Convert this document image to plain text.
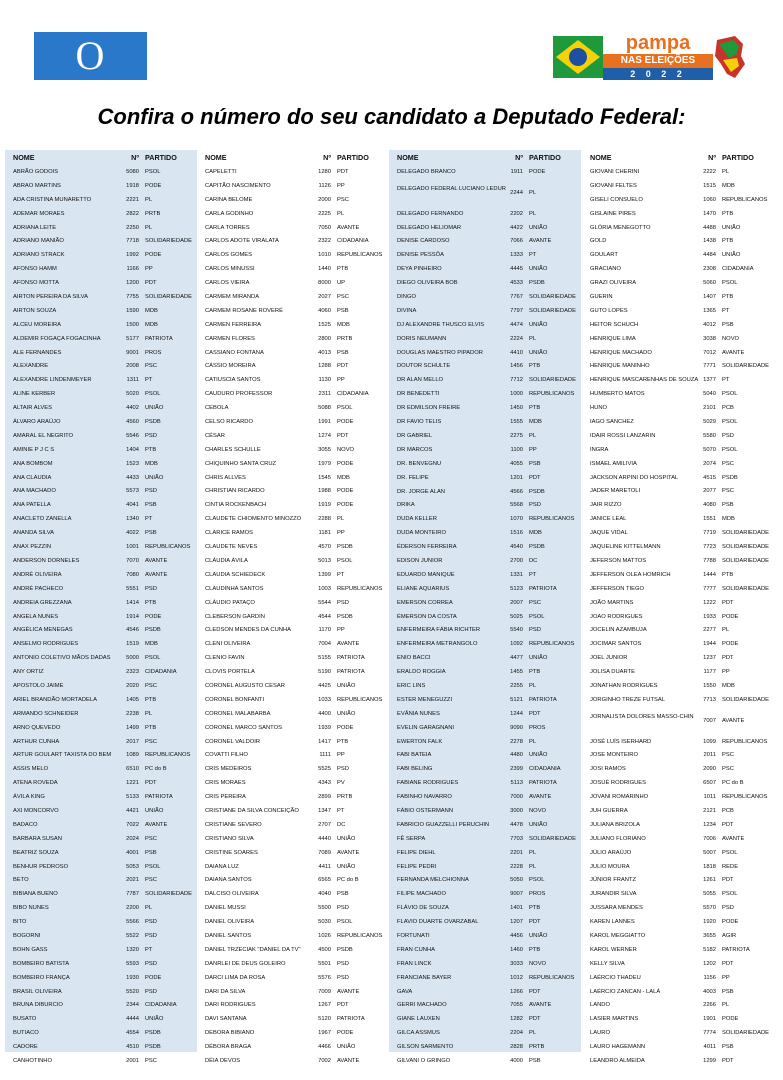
O SUL
pampa
NAS ELEIÇÕES
2 0 2 2
Confira o número do seu candidato a Deputado Federal:
NOME	Nº PARTIDO
ABRÃO GODOIS	5080 PSOL
ABRAO MARTINS	1918 PODE
ADA CRISTINA MUNARETTO	2221 PL
ADEMAR MORAES	2822 PRTB
ADRIANA LEITE	2250 PL
ADRIANO MANIÃO	7718 SOLIDARIEDADE
ADRIANO STRACK	1992 PODE
AFONSO HAMM	1166 PP
AFONSO MOTTA	1200 PDT
AIRTON PEREIRA DA SILVA	7755 SOLIDARIEDADE
AIRTON SOUZA	1590 MDB
ALCEU MOREIRA	1500 MDB
ALDEMIR FOGAÇA FOGACINHA	5177 PATRIOTA
ALE FERNANDES	9001 PROS
ALEXANDRE	2008 PSC
ALEXANDRE LINDENMEYER	1311 PT
ALINE KERBER	5020 PSOL
ALTAIR ALVES	4402 UNIÃO
ÁLVARO ARAÚJO	4560 PSDB
AMARAL EL NEGRITO	5546 PSD
AMINIE P J C S	1404 PTB
ANA BOMBOM	1523 MDB
ANA CLAUDIA	4433 UNIÃO
ANA MACHADO	5573 PSD
ANA PATELLA	4041 PSB
ANACLETO ZANELLA	1340 PT
ANANDA SILVA	4022 PSB
ANAX PEZZIN	1001 REPUBLICANOS
ANDERSON DORNELES	7070 AVANTE
ANDRÉ OLIVEIRA	7080 AVANTE
ANDRÉ PACHECO	5551 PSD
ANDREIA GREZZANA	1414 PTB
ANGELA NUNES	1914 PODE
ANGÉLICA MENEGAS	4546 PSDB
ANSELMO RODRIGUES	1519 MDB
ANTONIO COLETIVO MÃOS DADAS	5000 PSOL
ANY ORTIZ	2323 CIDADANIA
APOSTOLO JAIME	2020 PSC
ARIEL BRANDÃO MORTADELA	1405 PTB
ARMANDO SCHNEIDER	2238 PL
ARNO QUEVEDO	1499 PTB
ARTHUR CUNHA	2017 PSC
ARTUR GOULART TAXISTA DO BEM	1089 REPUBLICANOS
ASSIS MELO	6510 PC do B
ATENA ROVEDA	1221 PDT
ÁVILA KING	5133 PATRIOTA
AXI MONCORVO	4421 UNIÃO
BADACO	7022 AVANTE
BARBARA SUSAN	2024 PSC
BEATRIZ SOUZA	4001 PSB
BENHUR PEDROSO	5053 PSOL
BETO	2021 PSC
BIBIANA BUENO	7787 SOLIDARIEDADE
BIBO NUNES	2200 PL
BITO	5566 PSD
BOGORNI	5522 PSD
BOHN GASS	1320 PT
BOMBEIRO BATISTA	5593 PSD
BOMBEIRO FRANÇA	1930 PODE
BRASIL OLIVEIRA	5520 PSD
BRUNA DIBURCIO	2344 CIDADANIA
BUSATO	4444 UNIÃO
BUTIACO	4554 PSDB
CADORE	4510 PSDB
CANHOTINHO	2001 PSC
NOME	Nº PARTIDO
CAPELETTI	1280 PDT
CAPITÃO NASCIMENTO	1126 PP
CARINA BELOME	2000 PSC
CARLA GODINHO	2225 PL
CARLA TORRES	7050 AVANTE
CARLOS ADOTE VIRALATA	2322 CIDADANIA
CARLOS GOMES	1010 REPUBLICANOS
CARLOS MINUSSI	1440 PTB
CARLOS VIEIRA	8000 UP
CARMEM MIRANDA	2027 PSC
CARMEM ROSANE ROVERÉ	4060 PSB
CARMEN FERREIRA	1525 MDB
CARMEN FLORES	2800 PRTB
CASSIANO FONTANA	4013 PSB
CÁSSIO MOREIRA	1288 PDT
CATIUSCIA SANTOS	1130 PP
CAUDURO PROFESSOR	2311 CIDADANIA
CEBOLA	5088 PSOL
CELSO RICARDO	1991 PODE
CÉSAR	1274 PDT
CHARLES SCHULLE	3055 NOVO
CHIQUINHO SANTA CRUZ	1979 PODE
CHRIS ALLVES	1545 MDB
CHRISTIAN RICARDO	1988 PODE
CINTIA ROCKENBACH	1919 PODE
CLAUDETE CHIOMENTO MINOZZO	2288 PL
CLARICE RAMOS	1181 PP
CLAUDETE NEVES	4570 PSDB
CLÁUDIA ÁVILA	5013 PSOL
CLAUDIA SCHIEDECK	1399 PT
CLAUDINHA SANTOS	1003 REPUBLICANOS
CLÁUDIO PATAÇO	5544 PSD
CLEBERSON GARDIN	4544 PSDB
CLEDSON MENDES DA CUNHA	1170 PP
CLENI OLIVEIRA	7004 AVANTE
CLENIO FAVIN	5155 PATRIOTA
CLOVIS PORTELA	5190 PATRIOTA
CORONEL AUGUSTO CESAR	4425 UNIÃO
CORONEL BONFANTI	1033 REPUBLICANOS
CORONEL MALABARBA	4400 UNIÃO
CORONEL MARCO SANTOS	1939 PODE
CORONEL VALDOIR	1417 PTB
COVATTI FILHO	1111 PP
CRIS MEDEIROS	5525 PSD
CRIS MORAES	4343 PV
CRIS PEREIRA	2899 PRTB
CRISTIANE DA SILVA CONCEIÇÃO	1347 PT
CRISTIANE SEVERO	2707 DC
CRISTIANO SILVA	4440 UNIÃO
CRISTINE SOARES	7089 AVANTE
DAIANA LUZ	4411 UNIÃO
DAIANA SANTOS	6565 PC do B
DALCISO OLIVEIRA	4040 PSB
DANIEL MUSSI	5500 PSD
DANIEL OLIVEIRA	5030 PSOL
DANIEL SANTOS	1026 REPUBLICANOS
DANIEL TRZECIAK "DANIEL DA TV"	4500 PSDB
DANRLEI DE DEUS GOLEIRO	5501 PSD
DARCI LIMA DA ROSA	5576 PSD
DARI DA SILVA	7009 AVANTE
DARI RODRIGUES	1267 PDT
DAVI SANTANA	5120 PATRIOTA
DEBORA BIBIANO	1967 PODE
DÉBORA BRAGA	4466 UNIÃO
DÉIA DEVOS	7002 AVANTE
NOME	Nº PARTIDO
DELEGADO BRANCO	1911 PODE
DELEGADO FEDERAL LUCIANO LEDUR
2244 PL
DELEGADO FERNANDO	2202 PL
DELEGADO HELIOMAR	4422 UNIÃO
DENISE CARDOSO	7066 AVANTE
DENISE PESSÔA	1333 PT
DEYA PINHEIRO	4445 UNIÃO
DIEGO OLIVEIRA BOB	4533 PSDB
DINGO	7767 SOLIDARIEDADE
DIVINA	7797 SOLIDARIEDADE
DJ ALEXANDRE THUSCO ELVIS	4474 UNIÃO
DORIS NEUMANN	2224 PL
DOUGLAS MAESTRO PIPADOR	4410 UNIÃO
DOUTOR SCHULTE	1456 PTB
DR ALAN MELLO	7712 SOLIDARIEDADE
DR BENEDETTI	1000 REPUBLICANOS
DR EDMILSON FREIRE	1450 PTB
DR FAVIO TELIS	1555 MDB
DR GABRIEL	2275 PL
DR MARCOS	1100 PP
DR. BENVEGNU	4055 PSB
DR. FELIPE	1201 PDT
DR. JORGE ALAN	4566 PSDB
DRIKA	5568 PSD
DUDA KELLER	1070 REPUBLICANOS
DUDA MONTEIRO	1516 MDB
ÉDERSON FERREIRA	4540 PSDB
EDISON JUNIOR	2700 DC
EDUARDO MANIQUE	1331 PT
ELIANE AQUARIUS	5123 PATRIOTA
EMERSON CORREA	2007 PSC
ÉMERSON DA COSTA	5025 PSOL
ENFERMEIRA FÁBIA RICHTER	5540 PSD
ENFERMEIRA METRANGOLO	1092 REPUBLICANOS
ENIO BACCI	4477 UNIÃO
ERALDO ROGGIA	1455 PTB
ERIC LINS	2255 PL
ESTER MENEGUZZI	5121 PATRIOTA
EVÂNIA NUNES	1244 PDT
EVELIN GARAGNANI	9090 PROS
EWERTON FALK	2278 PL
FABI BATEIA	4480 UNIÃO
FABI BELING	2399 CIDADANIA
FABIANE RODRIGUES	5113 PATRIOTA
FABINHO NAVARRO	7000 AVANTE
FÁBIO OSTERMANN	3000 NOVO
FABRICIO GUAZZELLI PERUCHIN	4478 UNIÃO
FÊ SERPA	7703 SOLIDARIEDADE
FELIPE DIEHL	2201 PL
FELIPE PEDRI	2228 PL
FERNANDA MELCHIONNA	5050 PSOL
FILIPE MACHADO	9007 PROS
FLÁVIO DE SOUZA	1401 PTB
FLAVIO DUARTE OVARZABAL	1207 PDT
FORTUNATI	4456 UNIÃO
FRAN CUNHA	1460 PTB
FRAN LINCK	3033 NOVO
FRANCIANE BAYER	1012 REPUBLICANOS
GAVA	1266 PDT
GERRI MACHADO	7055 AVANTE
GIANE LAUXEN	1282 PDT
GILCA ASSMUS	2204 PL
GILSON SARMENTO	2828 PRTB
GILVANI O GRINGO	4000 PSB
NOME	Nº PARTIDO
GIOVANI CHERINI	2222 PL
GIOVANI FELTES	1515 MDB
GISELI CONSUELO	1060 REPUBLICANOS
GISLAINE PIRES	1470 PTB
GLÓRIA MENEGOTTO	4488 UNIÃO
GOLD	1438 PTB
GOULART	4484 UNIÃO
GRACIANO	2308 CIDADANIA
GRAZI OLIVEIRA	5060 PSOL
GUERIN	1407 PTB
GUTO LOPES	1365 PT
HEITOR SCHUCH	4012 PSB
HENRIQUE LIMA	3038 NOVO
HENRIQUE MACHADO	7012 AVANTE
HENRIQUE MANINHO	7771 SOLIDARIEDADE
HENRIQUE MASCARENHAS DE SOUZA 1377 PT
HUMBERTO MATOS	5040 PSOL
HUNO	2101 PCB
IAGO SANCHEZ	5029 PSOL
IDAIR ROSSI LANZARIN	5580 PSD
INGRA	5070 PSOL
ISMAEL AMILIVIA	2074 PSC
JACKSON ARPINI DO HOSPITAL	4515 PSDB
JADER MARETOLI	2077 PSC
JAIR RIZZO	4080 PSB
JANICE LEAL	1551 MDB
JAQUE VIDAL	7719 SOLIDARIEDADE
JAQUELINE KITTELMANN	7723 SOLIDARIEDADE
JEFERSON MATTOS	7788 SOLIDARIEDADE
JEFFERSON OLEA HOMRICH	1444 PTB
JEFFERSON TIEGO	7777 SOLIDARIEDADE
JOÃO MARTINS	1222 PDT
JOAO RODRIGUES	1933 PODE
JOCELIN AZAMBUJA	2277 PL
JOCIMAR SANTOS	1944 PODE
JOEL JUNIOR	1237 PDT
JOLISA DUARTE	1177 PP
JONATHAN RODRIGUES	1550 MDB
JORGINHO TREZE FUTSAL	7713 SOLIDARIEDADE
JORNALISTA DOLORES MASSO-CHIN
7007 AVANTE
JOSÉ LUÍS ISERHARD	1099 REPUBLICANOS
JOSE MONTEIRO	2011 PSC
JOSI RAMOS	2090 PSC
JOSUÉ RODRIGUES	6507 PC do B
JOVANI ROMARINHO	1011 REPUBLICANOS
JUH GUERRA	2121 PCB
JULIANA BRIZOLA	1234 PDT
JULIANO FLORIANO	7006 AVANTE
JÚLIO ARAÚJO	5007 PSOL
JULIO MOURA	1818 REDE
JÚNIOR FRANTZ	1261 PDT
JURANDIR SILVA	5055 PSOL
JUSSARA MENDES	5570 PSD
KAREN LANNES	1920 PODE
KAROL MEGGIATTO	3655 AGIR
KAROL WERNER	5182 PATRIOTA
KELLY SILVA	1202 PDT
LAÉRCIO THADEU	1156 PP
LAÉRCIO ZANCAN - LALÁ	4003 PSB
LANDO	2266 PL
LASIER MARTINS	1901 PODE
LAURO	7774 SOLIDARIEDADE
LAURO HAGEMANN	4011 PSB
LEANDRO ALMEIDA	1299 PDT
